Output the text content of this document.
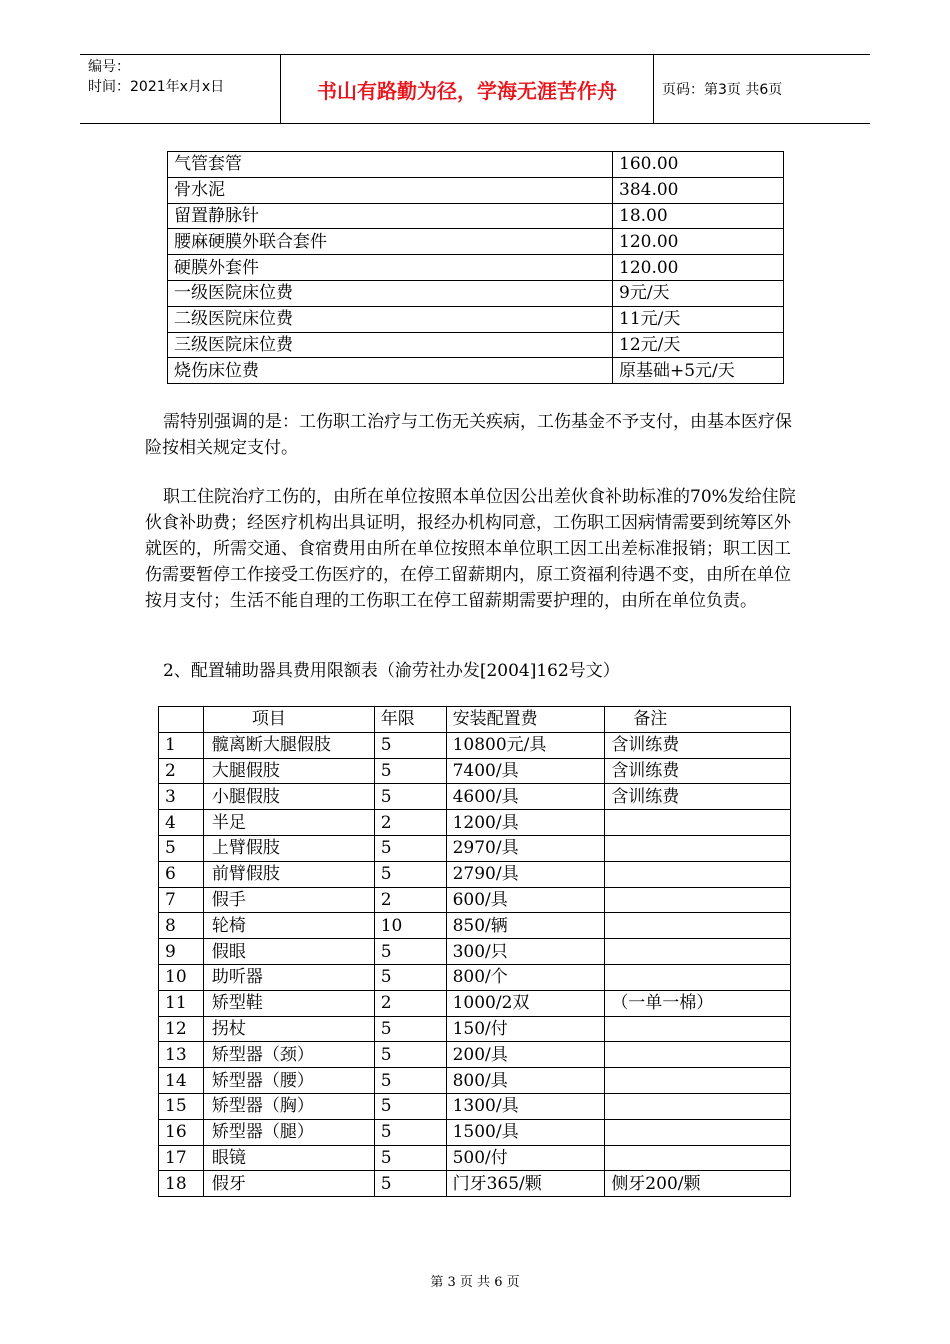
编号：
时间：2021年x月x日	书山有路勤为径，学海无涯苦作舟	页码：第3页 共6页
气管套管	160.00
骨水泥	384.00
留置静脉针	18.00
腰麻硬膜外联合套件	120.00
硬膜外套件	120.00
一级医院床位费	9元/天
二级医院床位费	11元/天
三级医院床位费	12元/天
烧伤床位费	原基础+5元/天

需特别强调的是：工伤职工治疗与工伤无关疾病，工伤基金不予支付，由基本医疗保险按相关规定支付。

职工住院治疗工伤的，由所在单位按照本单位因公出差伙食补助标准的70%发给住院伙食补助费；经医疗机构出具证明，报经办机构同意，工伤职工因病情需要到统筹区外就医的，所需交通、食宿费用由所在单位按照本单位职工因工出差标准报销；职工因工伤需要暂停工作接受工伤医疗的，在停工留薪期内，原工资福利待遇不变，由所在单位按月支付；生活不能自理的工伤职工在停工留薪期需要护理的，由所在单位负责。

2、配置辅助器具费用限额表（渝劳社办发[2004]162号文）

	项目	年限	安装配置费	备注
1	髋离断大腿假肢	5	10800元/具	含训练费
2	大腿假肢	5	7400/具	含训练费
3	小腿假肢	5	4600/具	含训练费
4	半足	2	1200/具	
5	上臂假肢	5	2970/具	
6	前臂假肢	5	2790/具	
7	假手	2	600/具	
8	轮椅	10	850/辆	
9	假眼	5	300/只	
10	助听器	5	800/个	
11	矫型鞋	2	1000/2双	（一单一棉）
12	拐杖	5	150/付	
13	矫型器（颈）	5	200/具	
14	矫型器（腰）	5	800/具	
15	矫型器（胸）	5	1300/具	
16	矫型器（腿）	5	1500/具	
17	眼镜	5	500/付	
18	假牙	5	门牙365/颗	侧牙200/颗
第 3 页 共 6 页
